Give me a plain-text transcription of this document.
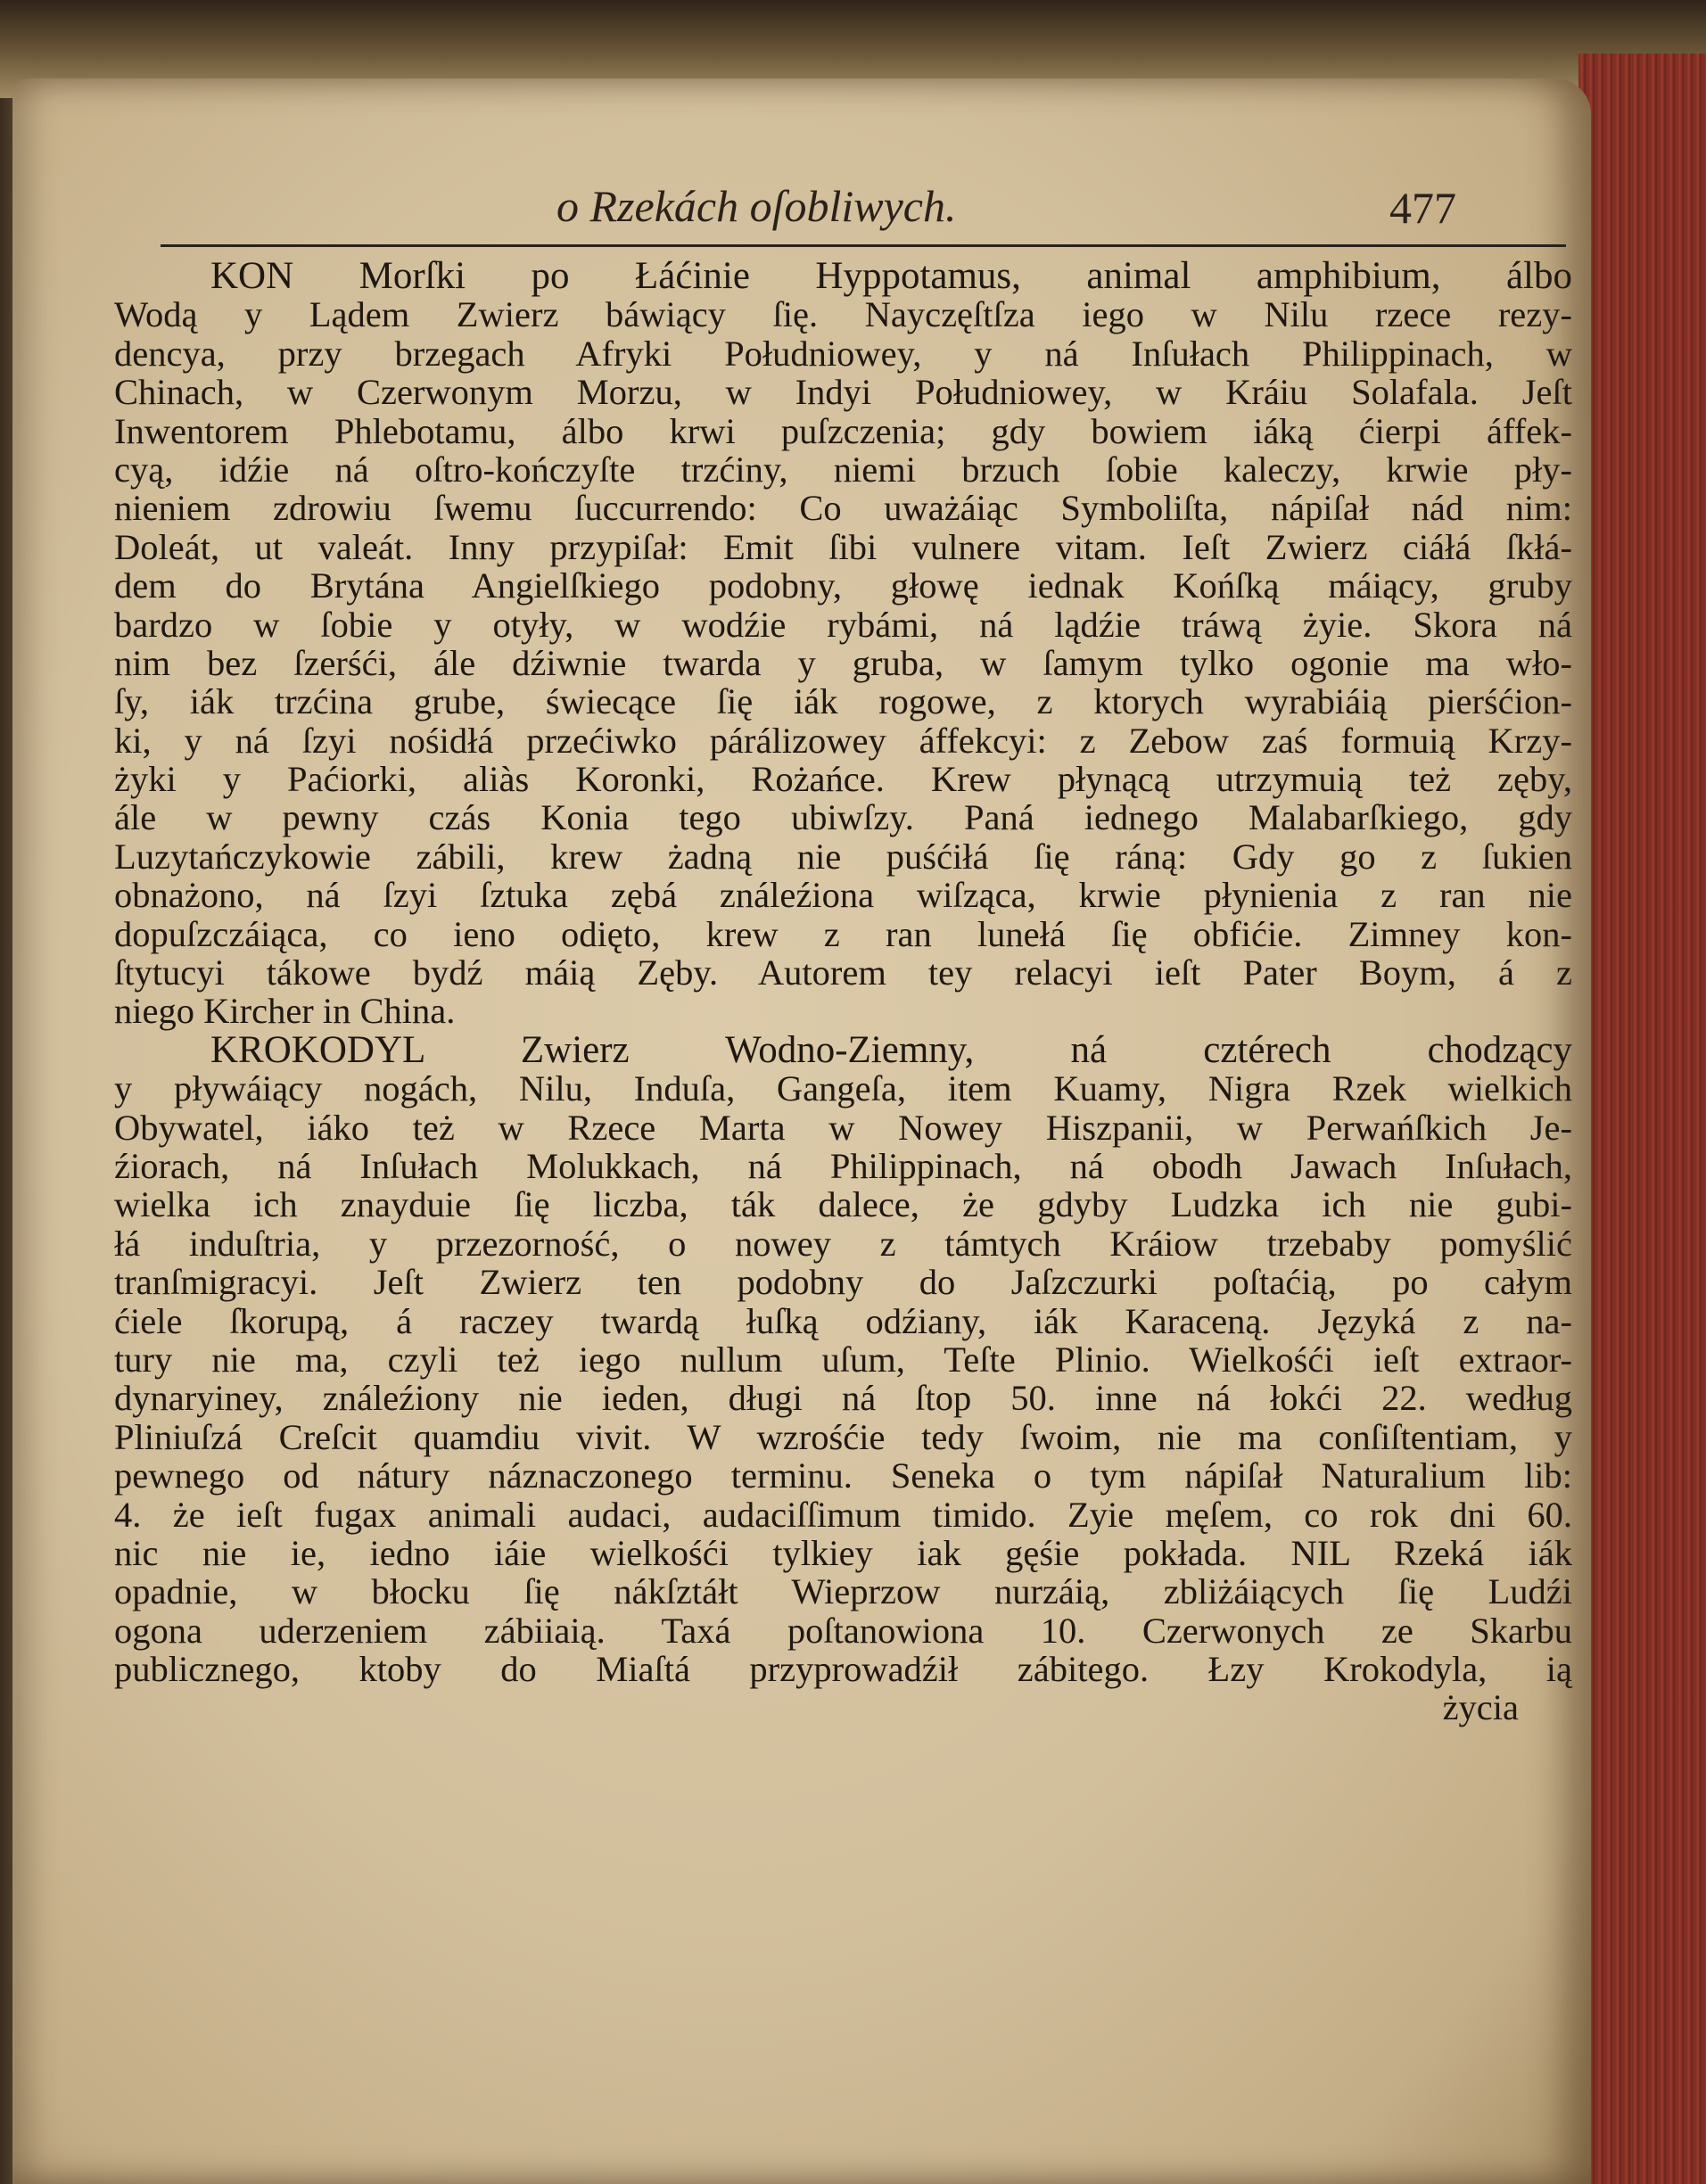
o Rzekách oſobliwych.	477
KON Morſki po Łáćinie Hyppotamus, animal amphibium, álbo
Wodą y Lądem Zwierz báwiący ſię. Nayczęſtſza iego w Nilu rzece rezy-
dencya, przy brzegach Afryki Południowey, y ná Inſułach Philippinach, w
Chinach, w Czerwonym Morzu, w Indyi Południowey, w Kráiu Solafala. Jeſt
Inwentorem Phlebotamu, álbo krwi puſzczenia; gdy bowiem iáką ćierpi áffek-
cyą, idźie ná oſtro-kończyſte trzćiny, niemi brzuch ſobie kaleczy, krwie pły-
nieniem zdrowiu ſwemu ſuccurrendo: Co uważáiąc Symboliſta, nápiſał nád nim:
Doleát, ut valeát. Inny przypiſał: Emit ſibi vulnere vitam. Ieſt Zwierz ciáłá ſkłá-
dem do Brytána Angielſkiego podobny, głowę iednak Końſką máiący, gruby
bardzo w ſobie y otyły, w wodźie rybámi, ná lądźie tráwą żyie. Skora ná
nim bez ſzerśći, ále dźiwnie twarda y gruba, w ſamym tylko ogonie ma wło-
ſy, iák trzćina grube, świecące ſię iák rogowe, z ktorych wyrabiáią pierśćion-
ki, y ná ſzyi nośidłá przećiwko párálizowey áffekcyi: z Zebow zaś formuią Krzy-
żyki y Paćiorki, aliàs Koronki, Rożańce. Krew płynącą utrzymuią też zęby,
ále w pewny czás Konia tego ubiwſzy. Paná iednego Malabarſkiego, gdy
Luzytańczykowie zábili, krew żadną nie puśćiłá ſię ráną: Gdy go z ſukien
obnażono, ná ſzyi ſztuka zębá ználeźiona wiſząca, krwie płynienia z ran nie
dopuſzczáiąca, co ieno odięto, krew z ran lunełá ſię obfićie. Zimney kon-
ſtytucyi tákowe bydź máią Zęby. Autorem tey relacyi ieſt Pater Boym, á z
niego Kircher in China.
KROKODYL Zwierz Wodno-Ziemny, ná cztérech chodzący
y pływáiący nogách, Nilu, Induſa, Gangeſa, item Kuamy, Nigra Rzek wielkich
Obywatel, iáko też w Rzece Marta w Nowey Hiszpanii, w Perwańſkich Je-
źiorach, ná Inſułach Molukkach, ná Philippinach, ná obodh Jawach Inſułach,
wielka ich znayduie ſię liczba, ták dalece, że gdyby Ludzka ich nie gubi-
łá induſtria, y przezorność, o nowey z támtych Kráiow trzebaby pomyślić
tranſmigracyi. Jeſt Zwierz ten podobny do Jaſzczurki poſtaćią, po całym
ćiele ſkorupą, á raczey twardą łuſką odźiany, iák Karaceną. Języká z na-
tury nie ma, czyli też iego nullum uſum, Teſte Plinio. Wielkośći ieſt extraor-
dynaryiney, ználeźiony nie ieden, długi ná ſtop 50. inne ná łokći 22. według
Pliniuſzá Creſcit quamdiu vivit. W wzrośćie tedy ſwoim, nie ma conſiſtentiam, y
pewnego od nátury náznaczonego terminu. Seneka o tym nápiſał Naturalium lib:
4. że ieſt fugax animali audaci, audaciſſimum timido. Zyie męſem, co rok dni 60.
nic nie ie, iedno iáie wielkośći tylkiey iak gęśie pokłada. NIL Rzeká iák
opadnie, w błocku ſię nákſztáłt Wieprzow nurzáią, zbliżáiących ſię Ludźi
ogona uderzeniem zábiiaią. Taxá poſtanowiona 10. Czerwonych ze Skarbu
publicznego, ktoby do Miaſtá przyprowadźił zábitego. Łzy Krokodyla, ią
życia
